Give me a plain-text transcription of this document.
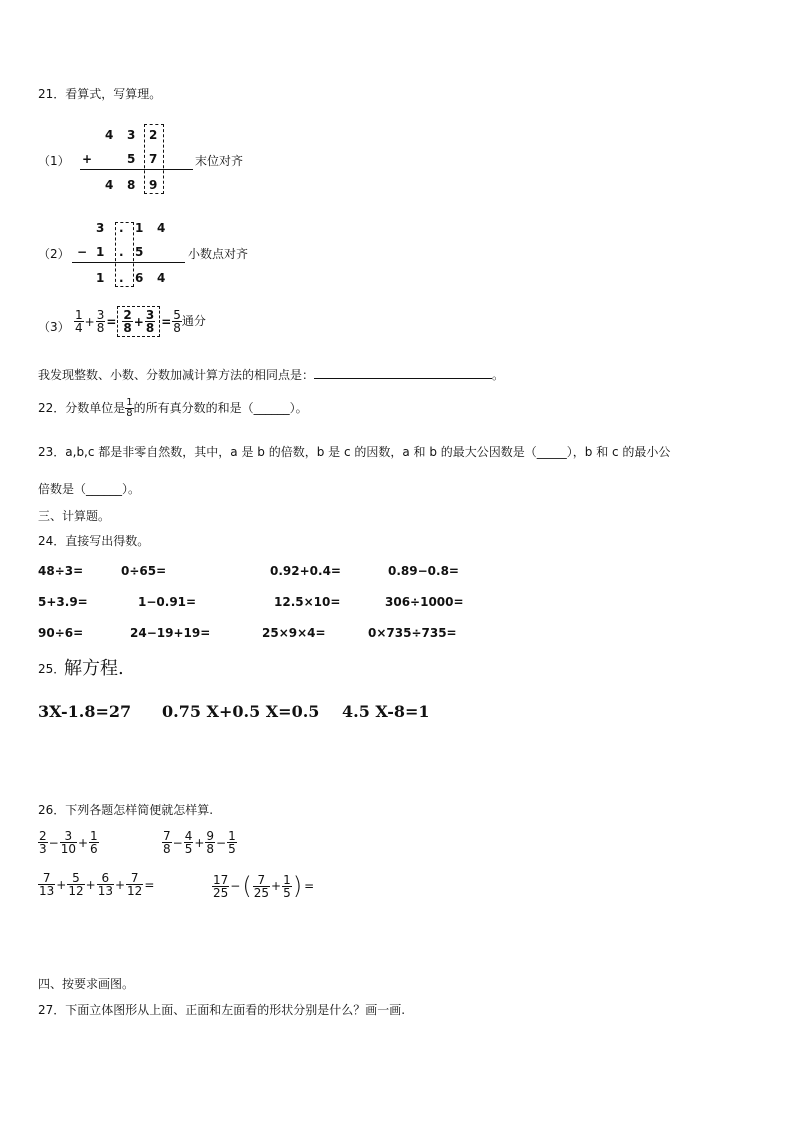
21．看算式，写算理。
（1）
4 3 2
+	5 7
4 8 9
末位对齐
（2）
3 . 1 4
− 1 . 5
1 . 6 4
小数点对齐
$(3) \frac{1}{4} + \frac{3}{8} = \frac{2}{8} + \frac{3}{8} = \frac{5}{8}$ 通分
我发现整数、小数、分数加减计算方法的相同点是：	。
22．分数单位是 $\frac{1}{8}$ 的所有真分数的和是（______）。
23．a,b,c 都是非零自然数，其中，a 是 b 的倍数，b 是 c 的因数，a 和 b 的最大公因数是（_____），b 和 c 的最小公
倍数是（______）。
三、计算题。
24．直接写出得数。
48÷3=	0÷65=	0.92+0.4=	0.89−0.8=
5+3.9=	1−0.91=	12.5×10=	306÷1000=
90÷6=	24−19+19=	25×9×4=	0×735÷735=
25．
解方程.
3X-1.8=27 0.75 X+0.5 X=0.5 4.5 X-8=1
26．下列各题怎样简便就怎样算.
$\frac{2}{3} - \frac{3}{10} + \frac{1}{6}$	$\frac{7}{8} - \frac{4}{5} + \frac{9}{8} - \frac{1}{5}$
$\frac{7}{13} + \frac{5}{12} + \frac{6}{13} + \frac{7}{12}$ =	$\frac{17}{25}$ −( $\frac{7}{25} + \frac{1}{5}$ ) =
四、按要求画图。
27．下面立体图形从上面、正面和左面看的形状分别是什么？画一画.
